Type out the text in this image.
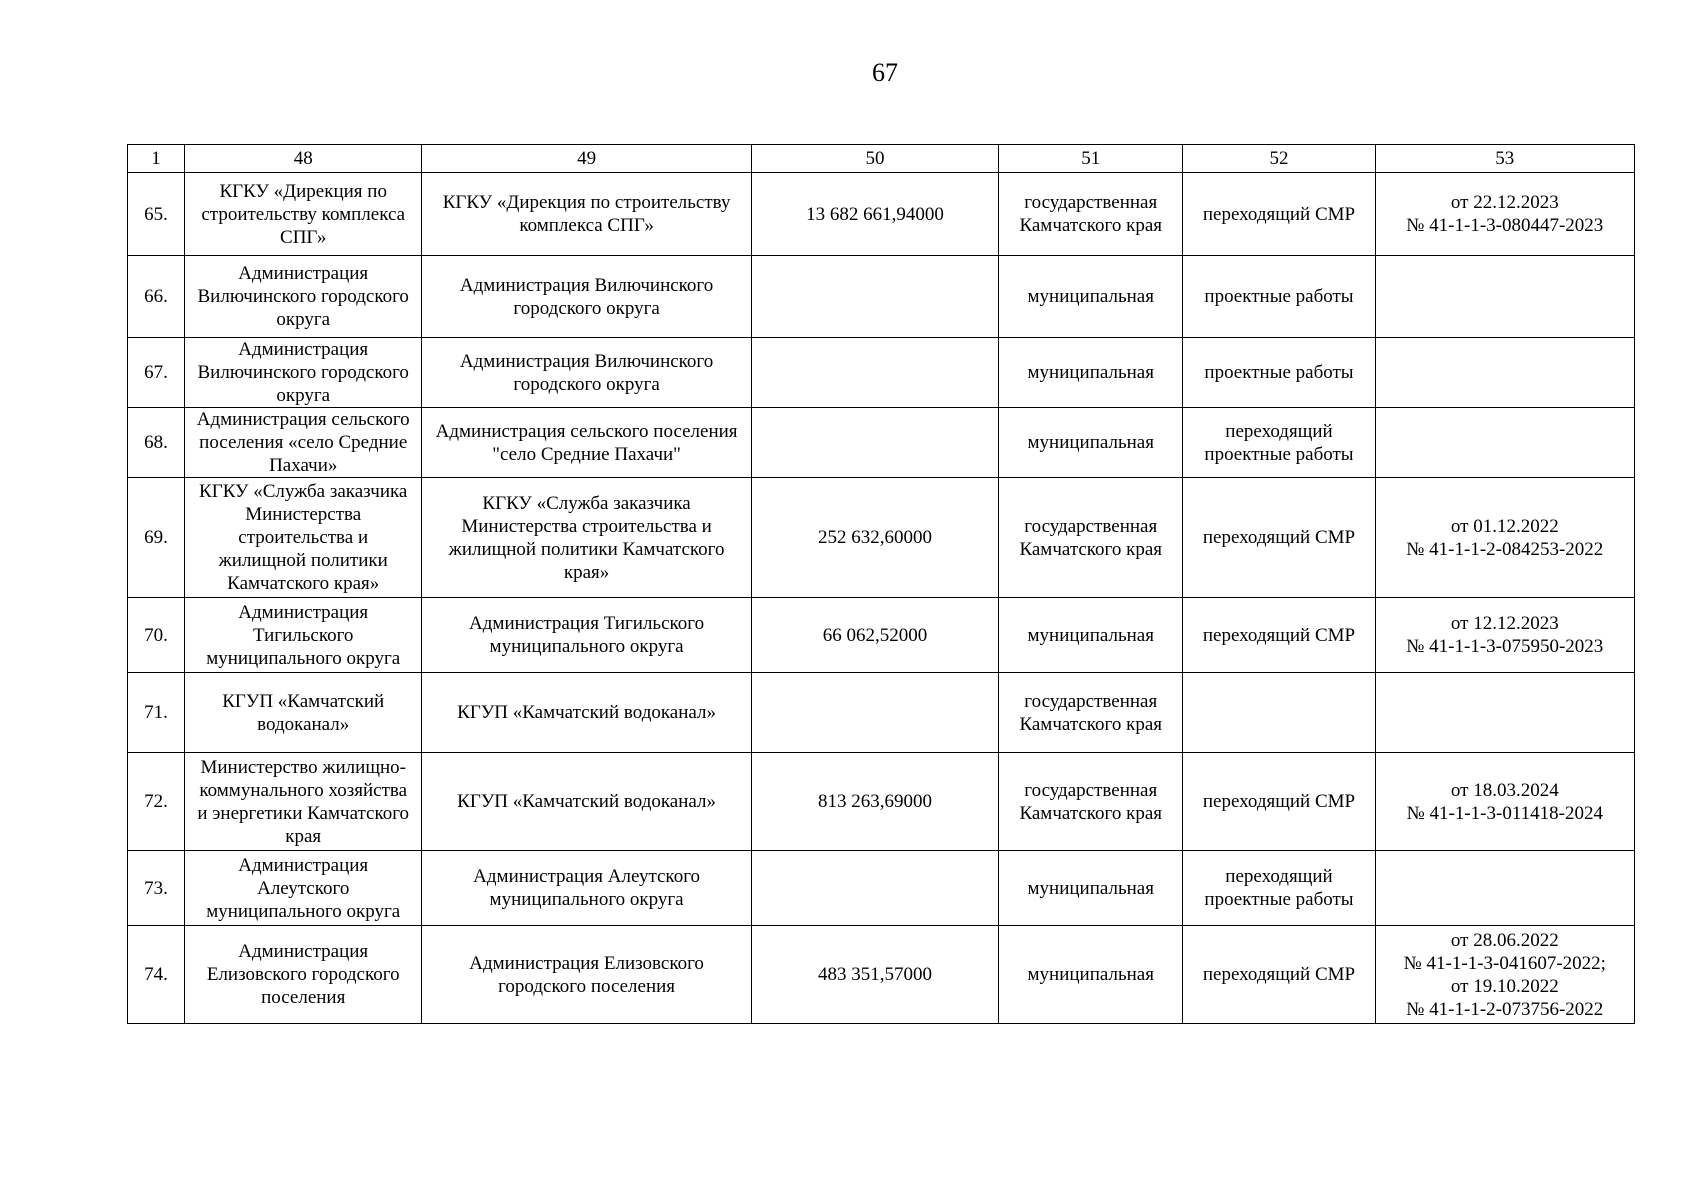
67
1	48	49	50	51	52	53
65.	КГКУ «Дирекция по
строительству комплекса
СПГ»	КГКУ «Дирекция по строительству
комплекса СПГ»	13 682 661,94000	государственная
Камчатского края	переходящий СМР	от 22.12.2023
№ 41-1-1-3-080447-2023
66.	Администрация
Вилючинского городского
округа	Администрация Вилючинского
городского округа		муниципальная	проектные работы	
67.	Администрация
Вилючинского городского
округа	Администрация Вилючинского
городского округа		муниципальная	проектные работы	
68.	Администрация сельского
поселения «село Средние
Пахачи»	Администрация сельского поселения
"село Средние Пахачи"		муниципальная	переходящий
проектные работы	
69.	КГКУ «Служба заказчика
Министерства
строительства и
жилищной политики
Камчатского края»	КГКУ «Служба заказчика
Министерства строительства и
жилищной политики Камчатского
края»	252 632,60000	государственная
Камчатского края	переходящий СМР	от 01.12.2022
№ 41-1-1-2-084253-2022
70.	Администрация
Тигильского
муниципального округа	Администрация Тигильского
муниципального округа	66 062,52000	муниципальная	переходящий СМР	от 12.12.2023
№ 41-1-1-3-075950-2023
71.	КГУП «Камчатский
водоканал»	КГУП «Камчатский водоканал»		государственная
Камчатского края		
72.	Министерство жилищно-
коммунального хозяйства
и энергетики Камчатского
края	КГУП «Камчатский водоканал»	813 263,69000	государственная
Камчатского края	переходящий СМР	от 18.03.2024
№ 41-1-1-3-011418-2024
73.	Администрация
Алеутского
муниципального округа	Администрация Алеутского
муниципального округа		муниципальная	переходящий
проектные работы	
74.	Администрация
Елизовского городского
поселения	Администрация Елизовского
городского поселения	483 351,57000	муниципальная	переходящий СМР	от 28.06.2022
№ 41-1-1-3-041607-2022;
от 19.10.2022
№ 41-1-1-2-073756-2022
